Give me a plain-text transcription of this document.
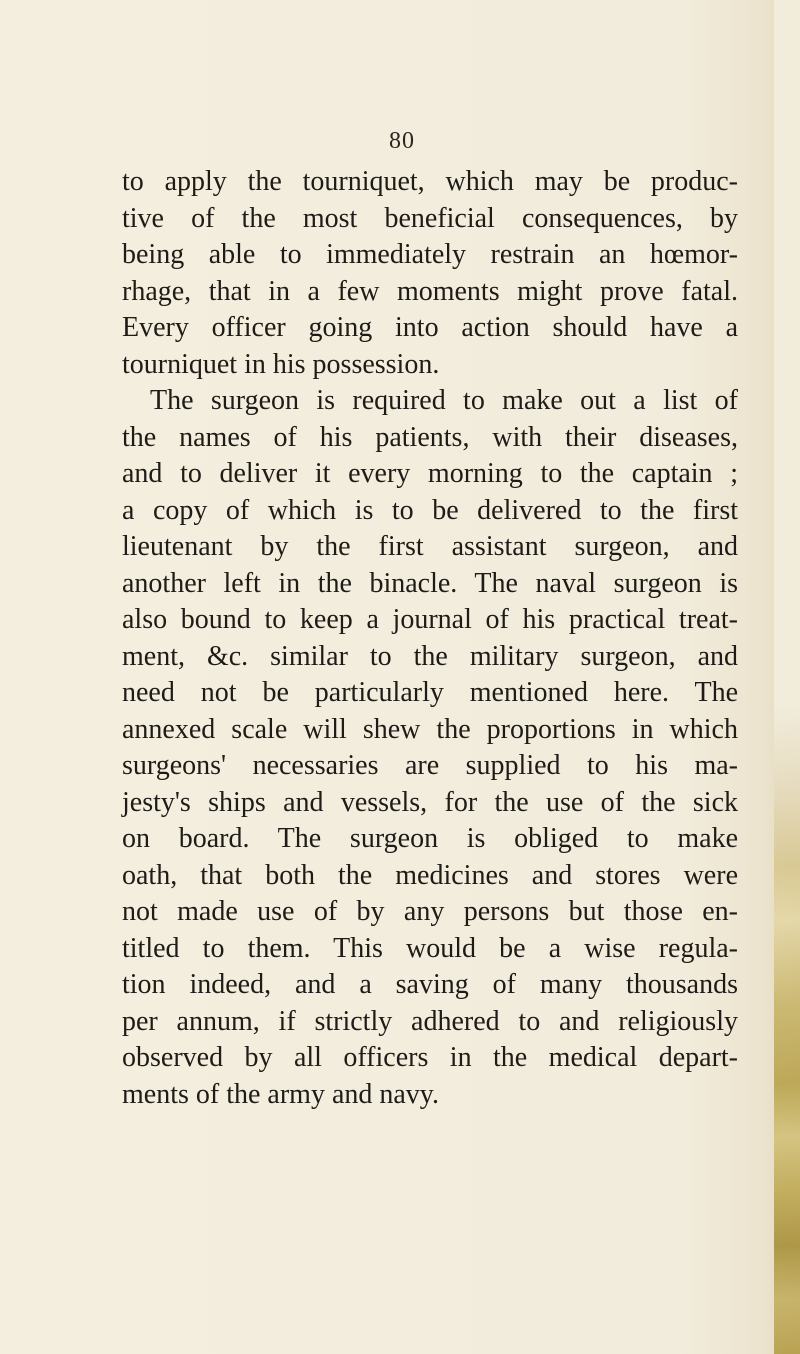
80
to apply the tourniquet, which may be produc-
tive of the most beneficial consequences, by
being able to immediately restrain an hœmor-
rhage, that in a few moments might prove fatal.
Every officer going into action should have a
tourniquet in his possession.
The surgeon is required to make out a list of
the names of his patients, with their diseases,
and to deliver it every morning to the captain ;
a copy of which is to be delivered to the first
lieutenant by the first assistant surgeon, and
another left in the binacle. The naval surgeon is
also bound to keep a journal of his practical treat-
ment, &c. similar to the military surgeon, and
need not be particularly mentioned here. The
annexed scale will shew the proportions in which
surgeons' necessaries are supplied to his ma-
jesty's ships and vessels, for the use of the sick
on board. The surgeon is obliged to make
oath, that both the medicines and stores were
not made use of by any persons but those en-
titled to them. This would be a wise regula-
tion indeed, and a saving of many thousands
per annum, if strictly adhered to and religiously
observed by all officers in the medical depart-
ments of the army and navy.
